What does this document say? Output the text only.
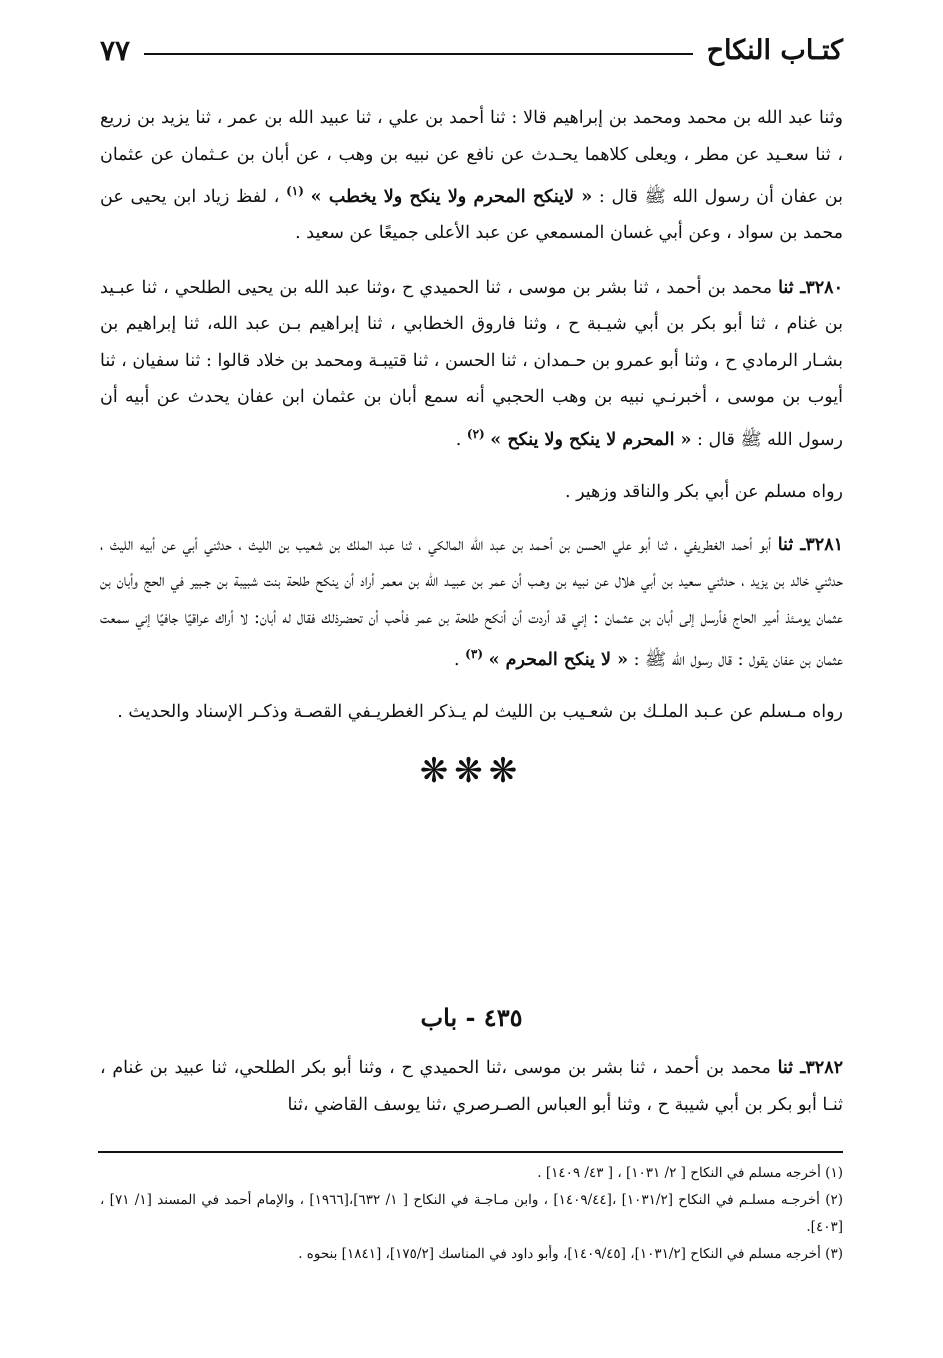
كتـاب النكاح
٧٧

وثنا عبد الله بن محمد ومحمد بن إبراهيم قالا : ثنا أحمد بن علي ، ثنا عبيد الله بن عمر ، ثنا يزيد بن زريع ، ثنا سعـيد عن مطر ، ويعلى كلاهما يحـدث عن نافع عن نبيه بن وهب ، عن أبان بن عـثمان عن عثمان بن عفان أن رسول الله ﷺ قال : « لاينكح المحرم ولا ينكح ولا يخطب » $^{(١)}$ ، لفظ زياد ابن يحيى عن محمد بن سواد ، وعن أبي غسان المسمعي عن عبد الأعلى جميعًا عن سعيد .

٣٢٨٠ـ ثنا محمد بن أحمد ، ثنا بشر بن موسى ، ثنا الحميدي ح ،وثنا عبد الله بن يحيى الطلحي ، ثنا عبـيد بن غنام ، ثنا أبو بكر بن أبي شيـبة ح ، وثنا فاروق الخطابي ، ثنا إبراهيم بـن عبد الله، ثنا إبراهيم بن بشـار الرمادي ح ، وثنا أبو عمرو بن حـمدان ، ثنا الحسن ، ثنا قتيبـة ومحمد بن خلاد قالوا : ثنا سفيان ، ثنا أيوب بن موسى ، أخبرنـي نبيه بن وهب الحجبي أنه سمع أبان بن عثمان ابن عفان يحدث عن أبيه أن رسول الله ﷺ قال : « المحرم لا ينكح ولا ينكح » $^{(٢)}$ .

رواه مسلم عن أبي بكر والناقد وزهير .

٣٢٨١ـ ثنا أبو أحمد الغطريفي ، ثنا أبو علي الحسن بن أحـمد بن عبد الله المالكي ، ثنا عبد الملك بن شعيب بن الليث ، حدثني أبي عن أبيه الليث ، حدثني خالد بن يزيد ، حدثني سعيد بن أبي هلال عن نبيه بن وهـب أن عمر بن عبيـد الله بن معمر أراد أن ينكح طلحة بنت شبيبة بن جـبير في الحج وأبان بن عثمان يومـئذ أمير الحاج فأرسل إلى أبان بن عثـمان : إني قد أردت أن أنكح طلحة بن عمر فأحب أن تحضرذلك فقال له أبان: لا أراك عراقيًا جافيًا إني سمعت عثمان بن عفان يقول : قال رسول الله ﷺ : « لا ينكح المحرم » $^{(٣)}$ .

رواه مـسلم عن عـبد الملـك بن شعـيب بن الليث لم يـذكر الغطريـفي القصـة وذكـر الإسناد والحديث .

❋❋❋
٤٣٥ - باب

٣٢٨٢ـ ثنا محمد بن أحمد ، ثنا بشر بن موسى ،ثنا الحميدي ح ، وثنا أبو بكر الطلحي، ثنا عبيد بن غنام ، ثنـا أبو بكر بن أبي شيبة ح ، وثنا أبو العباس الصـرصري ،ثنا يوسف القاضي ،ثنا

(١) أخرجه مسلم في النكاح [ ٢/ ١٠٣١] ، [ ٤٣/ ١٤٠٩] .

(٢) أخرجـه مسلـم في النكاح [١٠٣١/٢] ،[١٤٠٩/٤٤] ، وابن مـاجـة في النكاح [ ١/ ٦٣٢]،[١٩٦٦] ، والإمام أحمد في المسند [١/ ٧١] ،[٤٠٣].

(٣) أخرجه مسلم في النكاح [١٠٣١/٢]، [١٤٠٩/٤٥]، وأبو داود في المناسك [١٧٥/٢]، [١٨٤١] بنحوه .
